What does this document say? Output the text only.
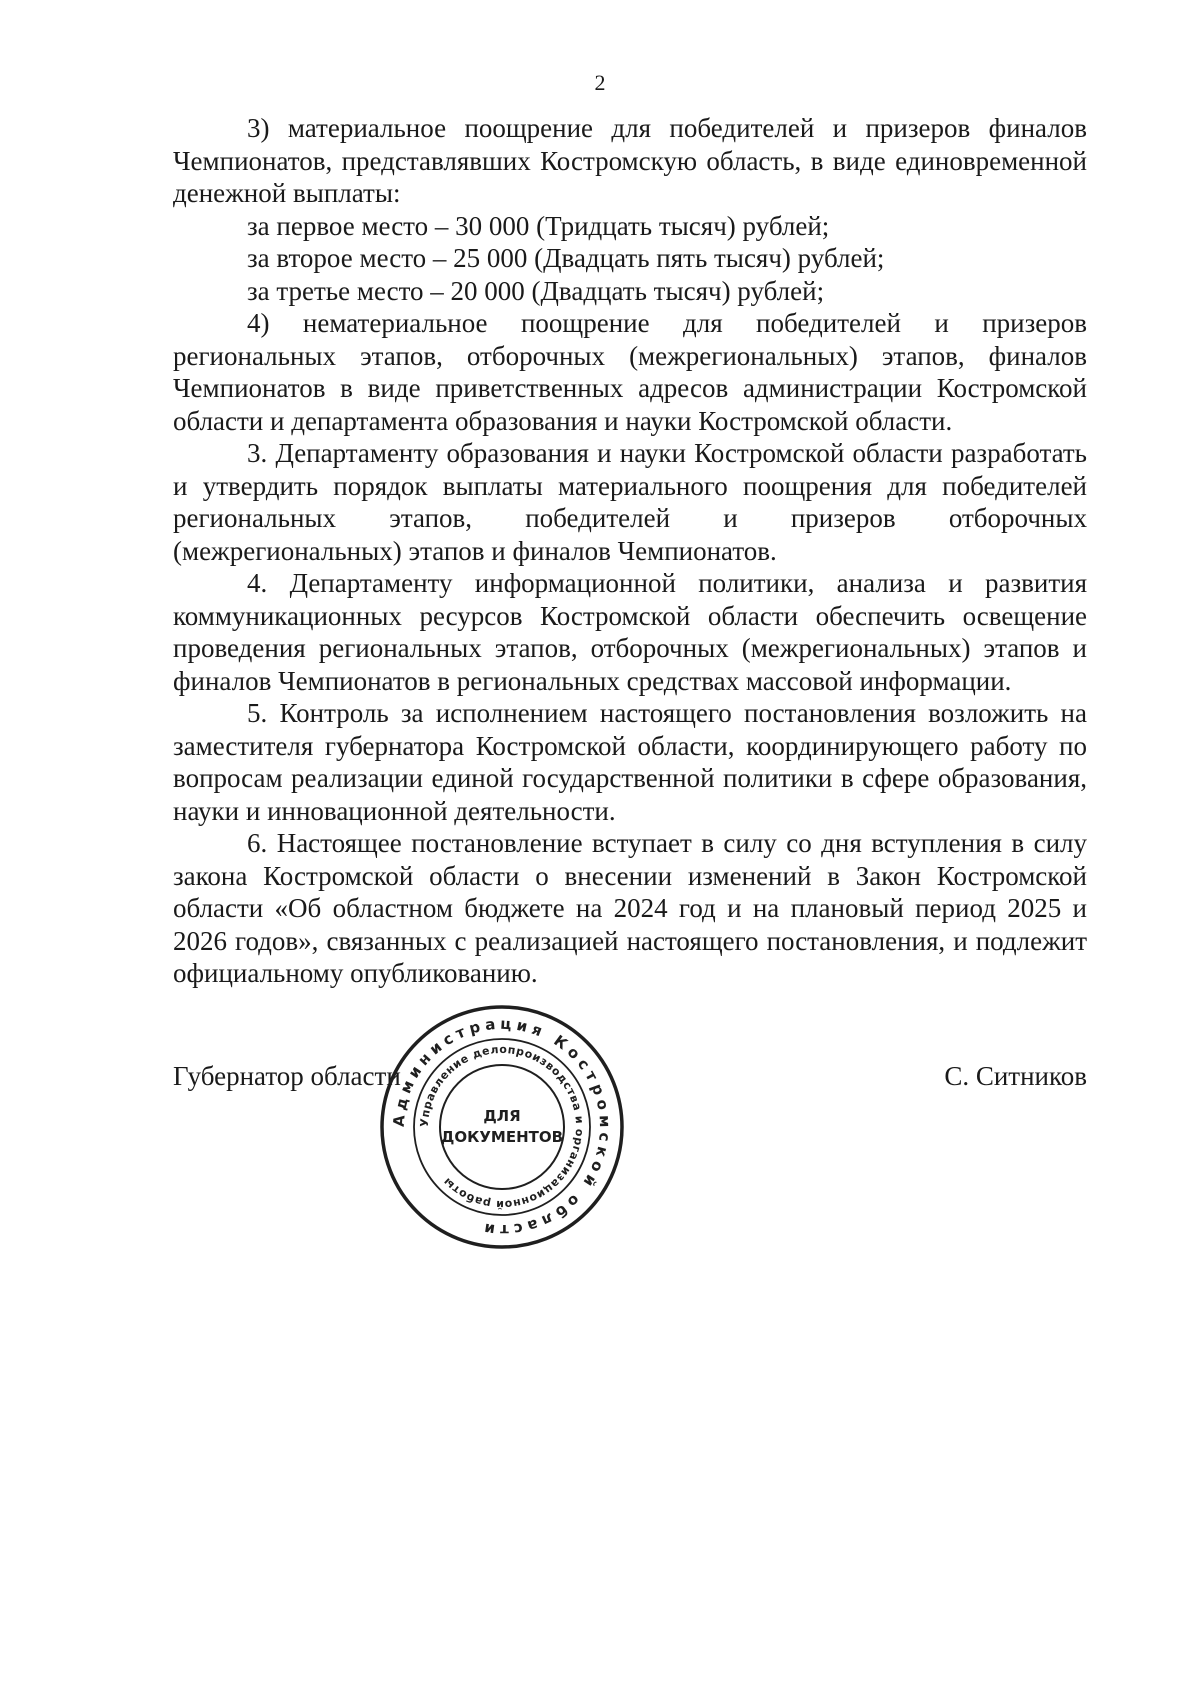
2

3) материальное поощрение для победителей и призеров финалов Чемпионатов, представлявших Костромскую область, в виде единовременной денежной выплаты:

за первое место – 30 000 (Тридцать тысяч) рублей;

за второе место – 25 000 (Двадцать пять тысяч) рублей;

за третье место – 20 000 (Двадцать тысяч) рублей;

4) нематериальное поощрение для победителей и призеров региональных этапов, отборочных (межрегиональных) этапов, финалов Чемпионатов в виде приветственных адресов администрации Костромской области и департамента образования и науки Костромской области.

3. Департаменту образования и науки Костромской области разработать и утвердить порядок выплаты материального поощрения для победителей региональных этапов, победителей и призеров отборочных (межрегиональных) этапов и финалов Чемпионатов.

4. Департаменту информационной политики, анализа и развития коммуникационных ресурсов Костромской области обеспечить освещение проведения региональных этапов, отборочных (межрегиональных) этапов и финалов Чемпионатов в региональных средствах массовой информации.

5. Контроль за исполнением настоящего постановления возложить на заместителя губернатора Костромской области, координирующего работу по вопросам реализации единой государственной политики в сфере образования, науки и инновационной деятельности.

6. Настоящее постановление вступает в силу со дня вступления в силу закона Костромской области о внесении изменений в Закон Костромской области «Об областном бюджете на 2024 год и на плановый период 2025 и 2026 годов», связанных с реализацией настоящего постановления, и подлежит официальному опубликованию.

Губернатор области	С. Ситников
Администрация Костромской области
Управление делопроизводства и организационной работы
ДЛЯ
ДОКУМЕНТОВ
